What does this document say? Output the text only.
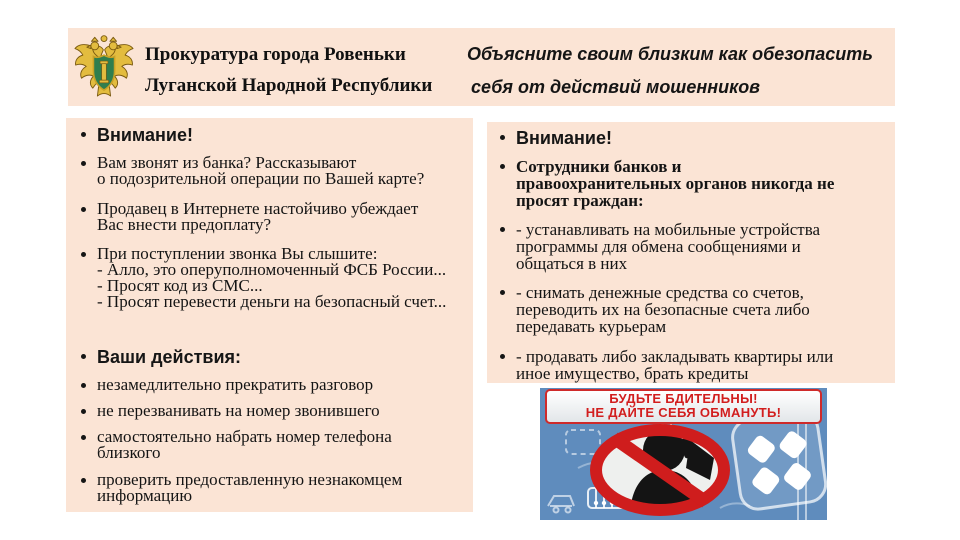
Прокуратура города Ровеньки
Луганской Народной Республики
Объясните своим близким как обезопасить
себя от действий мошенников
Внимание!
Вам звонят из банка? Рассказывают
о подозрительной операции по Вашей карте?
Продавец в Интернете настойчиво убеждает
Вас внести предоплату?
При поступлении звонка Вы слышите:
- Алло, это оперуполномоченный ФСБ России...
- Просят код из СМС...
- Просят перевести деньги на безопасный счет...
Ваши действия:
незамедлительно прекратить разговор
не перезванивать на номер звонившего
самостоятельно набрать номер телефона
близкого
проверить предоставленную незнакомцем
информацию
Внимание!
Сотрудники банков и
правоохранительных органов никогда не
просят граждан:
- устанавливать на мобильные устройства
программы для обмена сообщениями и
общаться в них
- снимать денежные средства со счетов,
переводить их на безопасные счета либо
передавать курьерам
- продавать либо закладывать квартиры или
иное имущество, брать кредиты
БУДЬТЕ БДИТЕЛЬНЫ!
НЕ ДАЙТЕ СЕБЯ ОБМАНУТЬ!
